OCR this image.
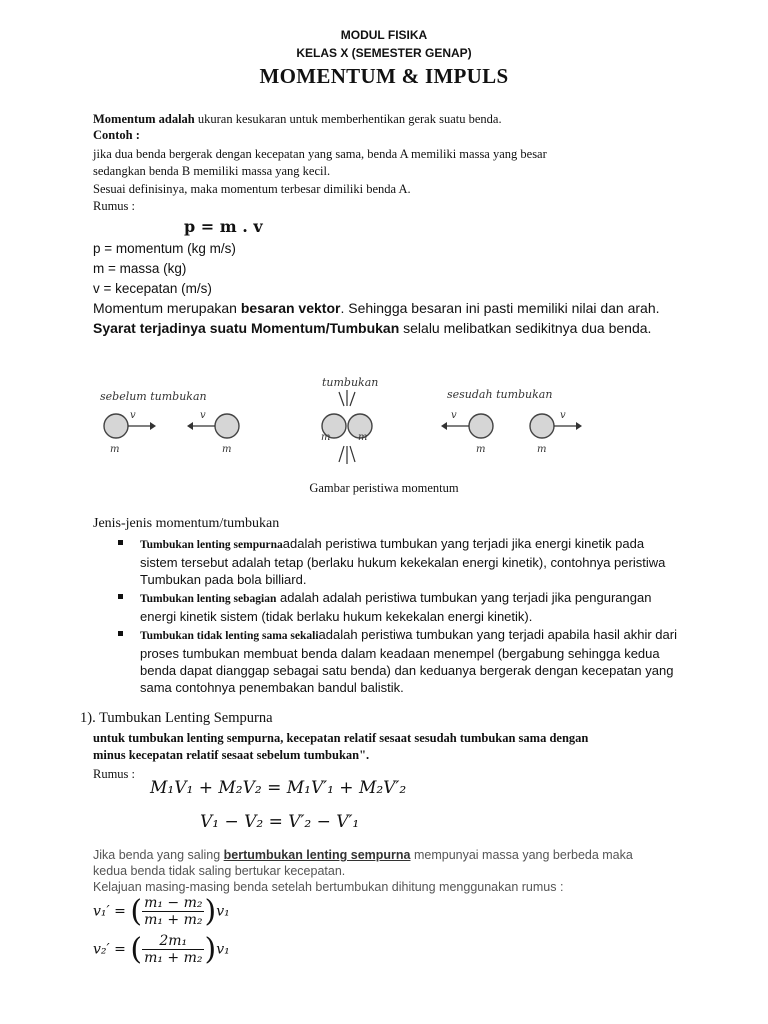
MODUL FISIKA
KELAS X (SEMESTER GENAP)
MOMENTUM & IMPULS
Momentum adalah ukuran kesukaran untuk memberhentikan gerak suatu benda.
Contoh :
jika dua benda bergerak dengan kecepatan yang sama, benda A memiliki massa yang besar
sedangkan benda B memiliki massa yang kecil.
Sesuai definisinya, maka momentum terbesar dimiliki benda A.
Rumus :
p = m . v
p = momentum (kg m/s)
m = massa (kg)
v = kecepatan (m/s)
Momentum merupakan besaran vektor. Sehingga besaran ini pasti memiliki nilai dan arah.
Syarat terjadinya suatu Momentum/Tumbukan selalu melibatkan sedikitnya dua benda.
sebelum tumbukan
tumbukan
sesudah tumbukan
v	v
m	m
m	m
v	v
m	m
Gambar peristiwa momentum
Jenis-jenis momentum/tumbukan
Tumbukan lenting sempurnaadalah peristiwa tumbukan yang terjadi jika energi kinetik pada sistem tersebut adalah tetap (berlaku hukum kekekalan energi kinetik), contohnya peristiwa Tumbukan pada bola billiard.
Tumbukan lenting sebagian adalah adalah peristiwa tumbukan yang terjadi jika pengurangan energi kinetik sistem (tidak berlaku hukum kekekalan energi kinetik).
Tumbukan tidak lenting sama sekaliadalah peristiwa tumbukan yang terjadi apabila hasil akhir dari proses tumbukan membuat benda dalam keadaan menempel (bergabung sehingga kedua benda dapat dianggap sebagai satu benda) dan keduanya bergerak dengan kecepatan yang sama contohnya penembakan bandul balistik.
1). Tumbukan Lenting Sempurna
untuk tumbukan lenting sempurna, kecepatan relatif sesaat sesudah tumbukan sama dengan
minus kecepatan relatif sesaat sebelum tumbukan".
Rumus :
M₁V₁ + M₂V₂ = M₁V′₁ + M₂V′₂
V₁ − V₂ = V′₂ − V′₁
Jika benda yang saling bertumbukan lenting sempurna mempunyai massa yang berbeda maka
kedua benda tidak saling bertukar kecepatan.
Kelajuan masing-masing benda setelah bertumbukan dihitung menggunakan rumus :
v₁′ = ( $\frac{\text{m₁ − m₂}}{\text{m₁ + m₂}} )v_1$
v₂′ = ( $\frac{\text{2m₁}}{\text{m₁ + m₂}} )v_1$
